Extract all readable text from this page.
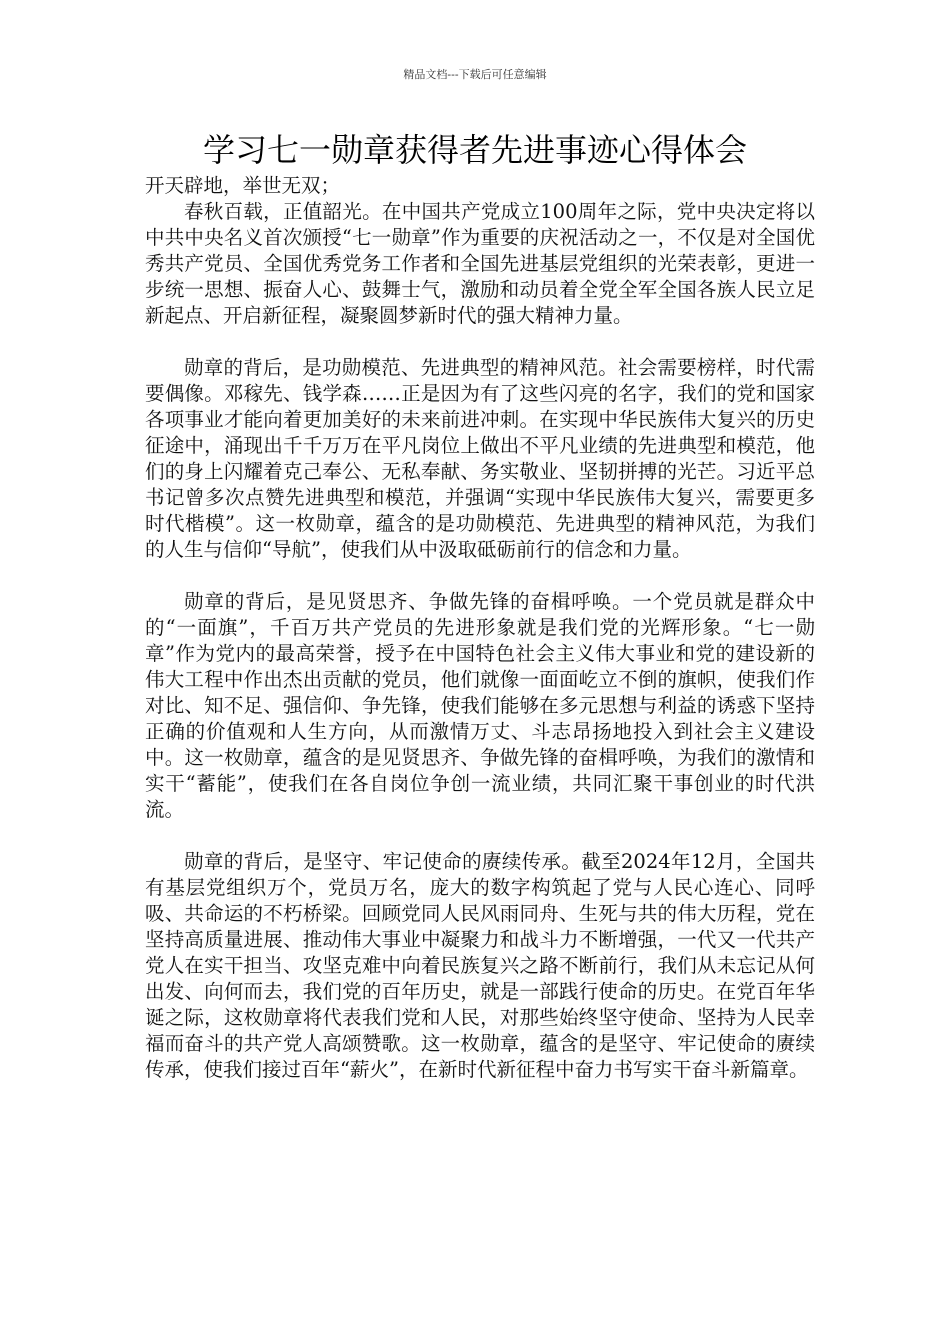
精品文档---下载后可任意编辑
学习七一勋章获得者先进事迹心得体会

开天辟地，举世无双；

春秋百载，正值韶光。在中国共产党成立100周年之际，党中央决定将以中共中央名义首次颁授“七一勋章”作为重要的庆祝活动之一，不仅是对全国优秀共产党员、全国优秀党务工作者和全国先进基层党组织的光荣表彰，更进一步统一思想、振奋人心、鼓舞士气，激励和动员着全党全军全国各族人民立足新起点、开启新征程，凝聚圆梦新时代的强大精神力量。

勋章的背后，是功勋模范、先进典型的精神风范。社会需要榜样，时代需要偶像。邓稼先、钱学森……正是因为有了这些闪亮的名字，我们的党和国家各项事业才能向着更加美好的未来前进冲刺。在实现中华民族伟大复兴的历史征途中，涌现出千千万万在平凡岗位上做出不平凡业绩的先进典型和模范，他们的身上闪耀着克己奉公、无私奉献、务实敬业、坚韧拼搏的光芒。习近平总书记曾多次点赞先进典型和模范，并强调“实现中华民族伟大复兴，需要更多时代楷模”。这一枚勋章，蕴含的是功勋模范、先进典型的精神风范，为我们的人生与信仰“导航”，使我们从中汲取砥砺前行的信念和力量。

勋章的背后，是见贤思齐、争做先锋的奋楫呼唤。一个党员就是群众中的“一面旗”，千百万共产党员的先进形象就是我们党的光辉形象。“七一勋章”作为党内的最高荣誉，授予在中国特色社会主义伟大事业和党的建设新的伟大工程中作出杰出贡献的党员，他们就像一面面屹立不倒的旗帜，使我们作对比、知不足、强信仰、争先锋，使我们能够在多元思想与利益的诱惑下坚持正确的价值观和人生方向，从而激情万丈、斗志昂扬地投入到社会主义建设中。这一枚勋章，蕴含的是见贤思齐、争做先锋的奋楫呼唤，为我们的激情和实干“蓄能”，使我们在各自岗位争创一流业绩，共同汇聚干事创业的时代洪流。

勋章的背后，是坚守、牢记使命的赓续传承。截至2024年12月，全国共有基层党组织万个，党员万名，庞大的数字构筑起了党与人民心连心、同呼吸、共命运的不朽桥梁。回顾党同人民风雨同舟、生死与共的伟大历程，党在坚持高质量进展、推动伟大事业中凝聚力和战斗力不断增强，一代又一代共产党人在实干担当、攻坚克难中向着民族复兴之路不断前行，我们从未忘记从何出发、向何而去，我们党的百年历史，就是一部践行使命的历史。在党百年华诞之际，这枚勋章将代表我们党和人民，对那些始终坚守使命、坚持为人民幸福而奋斗的共产党人高颂赞歌。这一枚勋章，蕴含的是坚守、牢记使命的赓续传承，使我们接过百年“薪火”，在新时代新征程中奋力书写实干奋斗新篇章。
